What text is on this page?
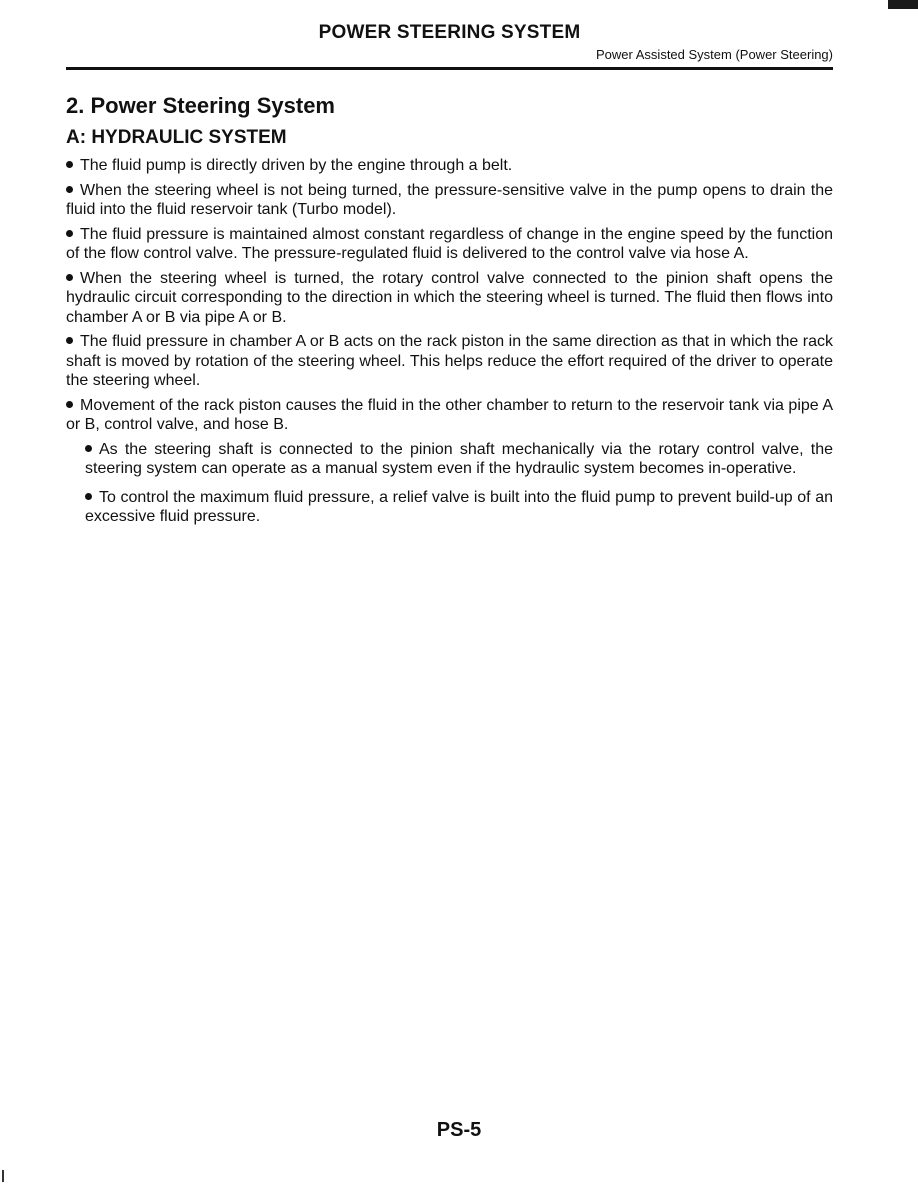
POWER STEERING SYSTEM
Power Assisted System (Power Steering)
2. Power Steering System
A: HYDRAULIC SYSTEM

The fluid pump is directly driven by the engine through a belt.

When the steering wheel is not being turned, the pressure-sensitive valve in the pump opens to drain the fluid into the fluid reservoir tank (Turbo model).

The fluid pressure is maintained almost constant regardless of change in the engine speed by the function of the flow control valve. The pressure-regulated fluid is delivered to the control valve via hose A.

When the steering wheel is turned, the rotary control valve connected to the pinion shaft opens the hydraulic circuit corresponding to the direction in which the steering wheel is turned. The fluid then flows into chamber A or B via pipe A or B.

The fluid pressure in chamber A or B acts on the rack piston in the same direction as that in which the rack shaft is moved by rotation of the steering wheel. This helps reduce the effort required of the driver to operate the steering wheel.

Movement of the rack piston causes the fluid in the other chamber to return to the reservoir tank via pipe A or B, control valve, and hose B.

As the steering shaft is connected to the pinion shaft mechanically via the rotary control valve, the steering system can operate as a manual system even if the hydraulic system becomes in-operative.

To control the maximum fluid pressure, a relief valve is built into the fluid pump to prevent build-up of an excessive fluid pressure.

PS-5
